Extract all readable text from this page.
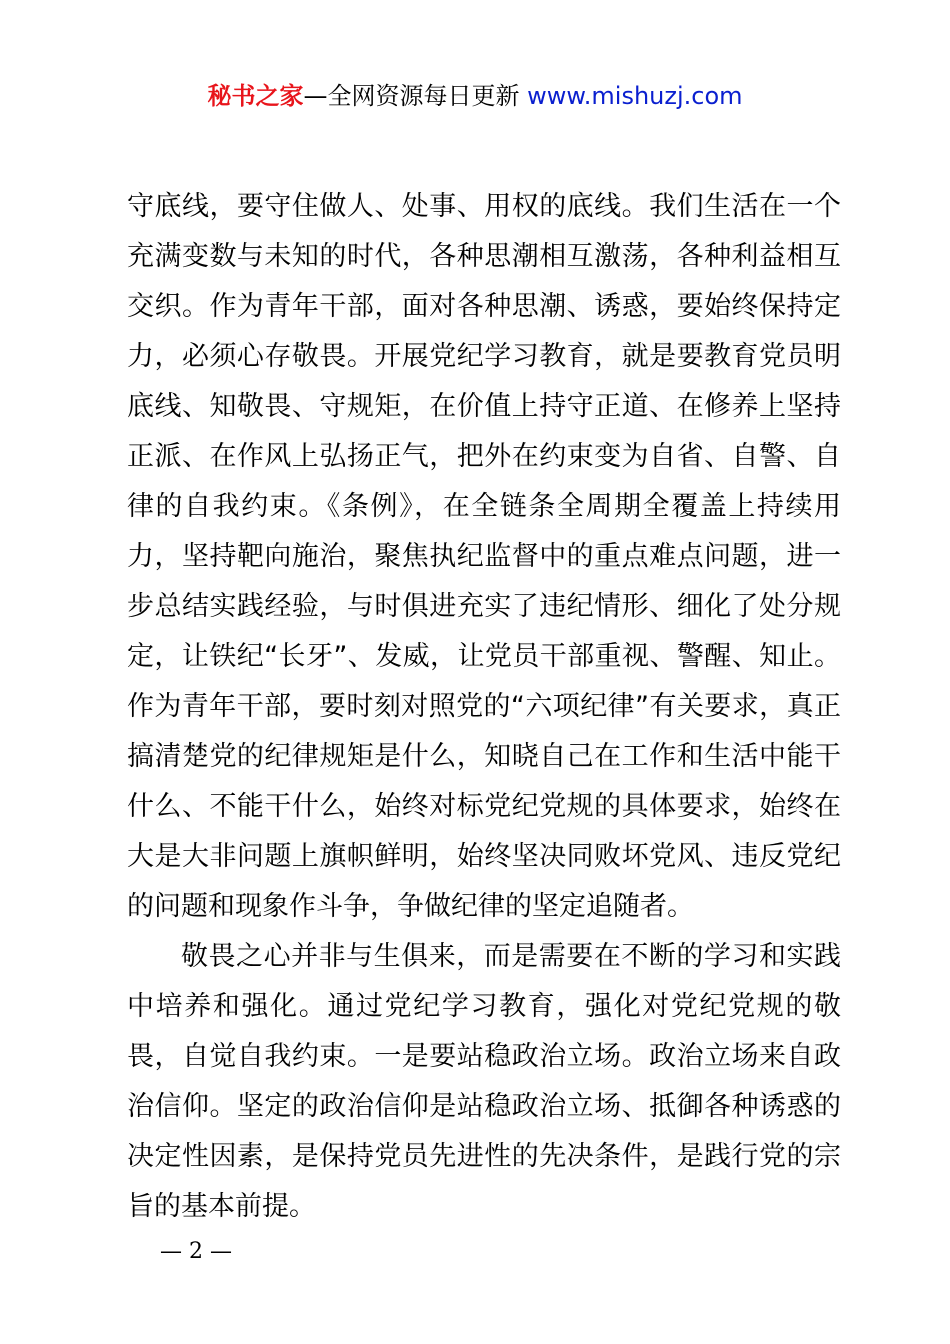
秘书之家—全网资源每日更新 www.mishuzj.com

守底线，要守住做人、处事、用权的底线。我们生活在一个充满变数与未知的时代，各种思潮相互激荡，各种利益相互交织。作为青年干部，面对各种思潮、诱惑，要始终保持定力，必须心存敬畏。开展党纪学习教育，就是要教育党员明底线、知敬畏、守规矩，在价值上持守正道、在修养上坚持正派、在作风上弘扬正气，把外在约束变为自省、自警、自律的自我约束。《条例》，在全链条全周期全覆盖上持续用力，坚持靶向施治，聚焦执纪监督中的重点难点问题，进一步总结实践经验，与时俱进充实了违纪情形、细化了处分规定，让铁纪“长牙”、发威，让党员干部重视、警醒、知止。作为青年干部，要时刻对照党的“六项纪律”有关要求，真正搞清楚党的纪律规矩是什么，知晓自己在工作和生活中能干什么、不能干什么，始终对标党纪党规的具体要求，始终在大是大非问题上旗帜鲜明，始终坚决同败坏党风、违反党纪的问题和现象作斗争，争做纪律的坚定追随者。

敬畏之心并非与生俱来，而是需要在不断的学习和实践中培养和强化。通过党纪学习教育，强化对党纪党规的敬畏，自觉自我约束。一是要站稳政治立场。政治立场来自政治信仰。坚定的政治信仰是站稳政治立场、抵御各种诱惑的决定性因素，是保持党员先进性的先决条件，是践行党的宗旨的基本前提。

— 2 —
